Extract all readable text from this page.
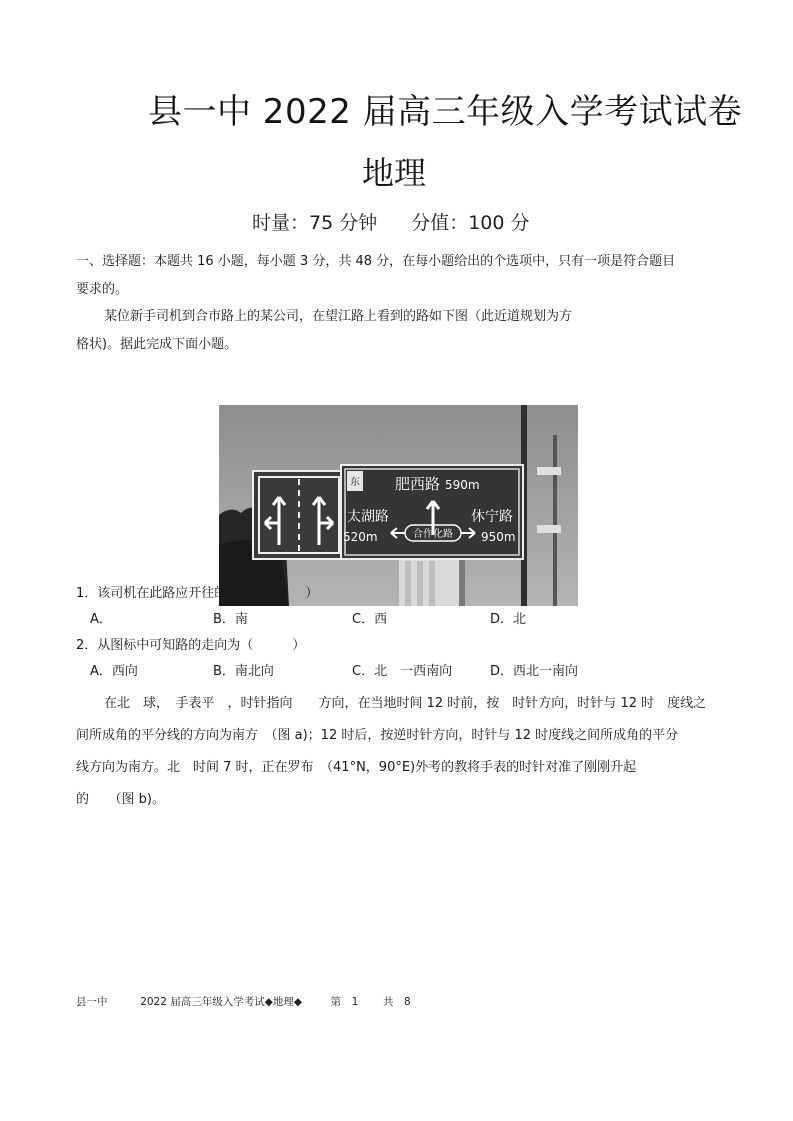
县一中 2022 届高三年级入学考试试卷
地理
时量：75 分钟 分值：100 分
一、选择题：本题共 16 小题，每小题 3 分，共 48 分，在每小题给出的个选项中，只有一项是符合题目
要求的。
某位新手司机到合市路上的某公司，在望江路上看到的路如下图（此近道规划为方
格状)。据此完成下面小题。
东 肥西路 590m
太湖路
520m	合作化路
休宁路
950m
1．该司机在此路应开往的方向是（　　）
A．	B．南	C．西	D．北
2．从图标中可知路的走向为（　　　）
A．西向	B．南北向	C．北　一西南向	D．西北一南向
在北　球，　手表平　，时针指向　　方向，在当地时间 12 时前，按　时针方向，时针与 12 时　度线之
间所成角的平分线的方向为南方　（图 a)；12 时后，按逆时针方向，时针与 12 时度线之间所成角的平分
线方向为南方。北　时间 7 时，正在罗布　（41°N，90°E)外考的教将手表的时针对准了刚刚升起
的　　（图 b)。
县一中	2022 届高三年级入学考试◆地理◆	第　1 共　8
